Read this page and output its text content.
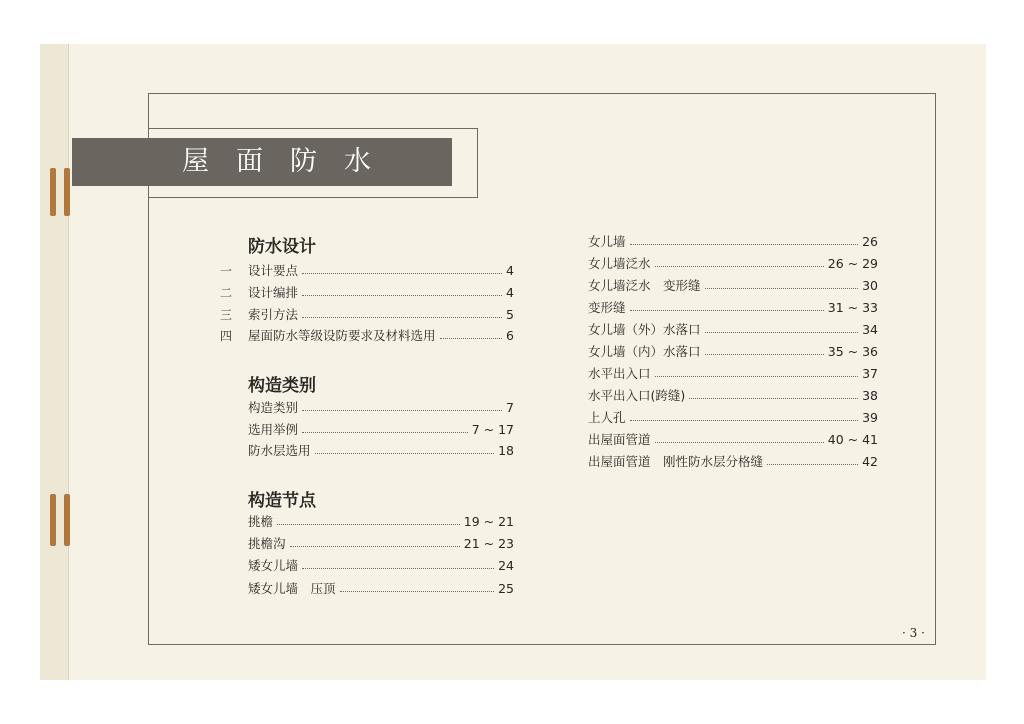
屋面防水
防水设计
一 设计要点	4
二 设计编排	4
三 索引方法	5
四 屋面防水等级设防要求及材料选用	6
构造类别
构造类别	7
选用举例	7 ~ 17
防水层选用	18
构造节点
挑檐	19 ~ 21
挑檐沟	21 ~ 23
矮女儿墙	24
矮女儿墙　压顶	25
女儿墙	26
女儿墙泛水	26 ~ 29
女儿墙泛水　变形缝	30
变形缝	31 ~ 33
女儿墙（外）水落口	34
女儿墙（内）水落口	35 ~ 36
水平出入口	37
水平出入口(跨缝)	38
上人孔	39
出屋面管道	40 ~ 41
出屋面管道　刚性防水层分格缝	42
· 3 ·
